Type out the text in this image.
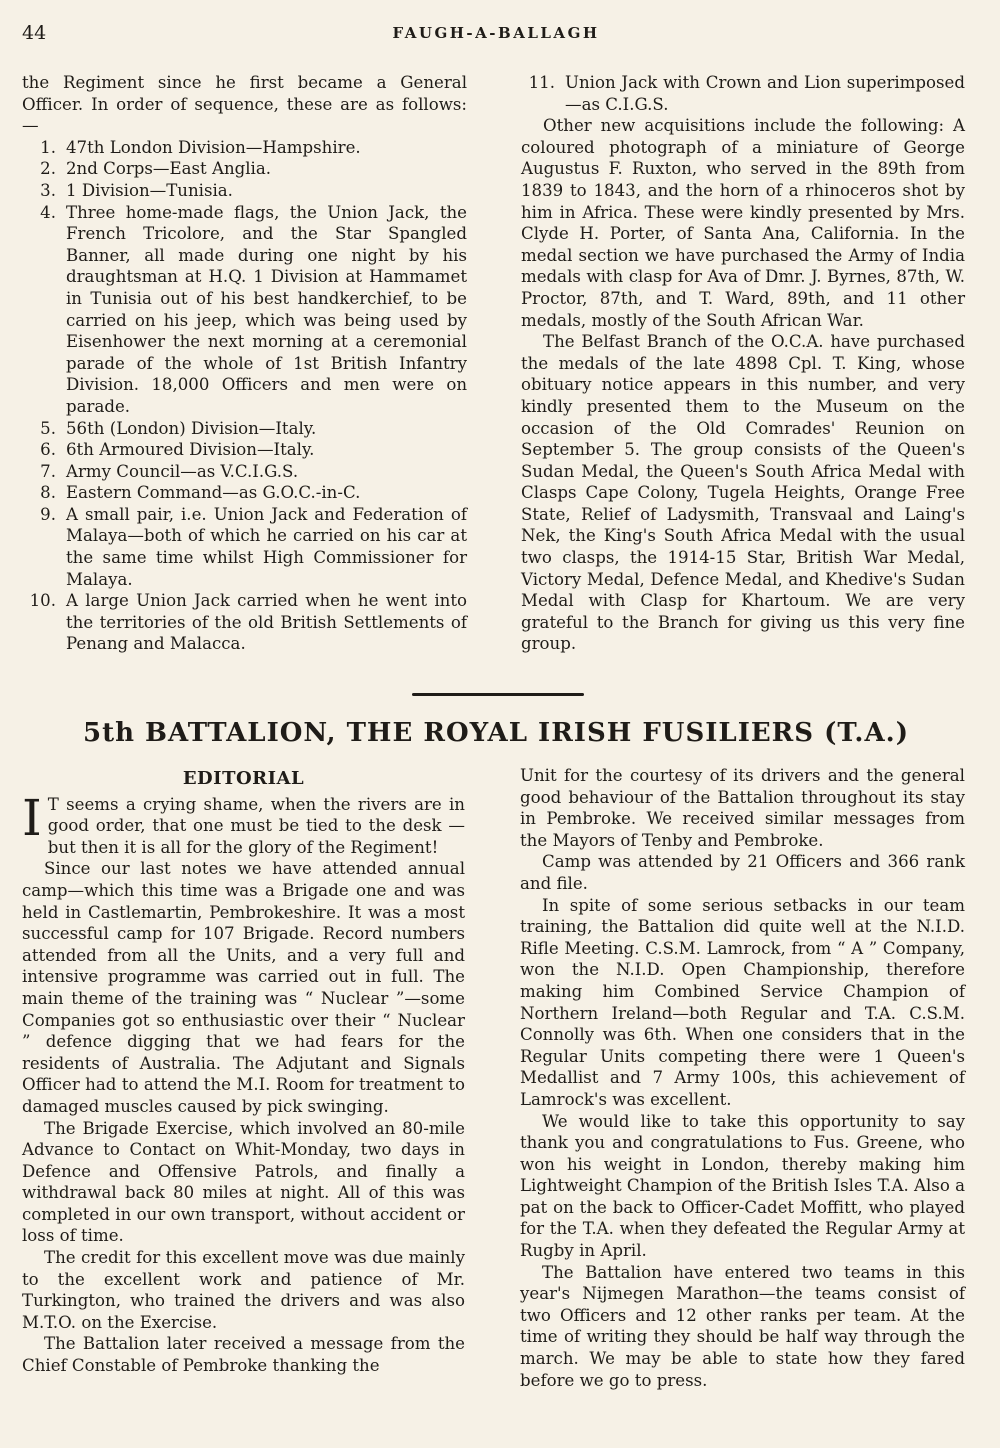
44	FAUGH-A-BALLAGH

the Regiment since he first became a General Officer. In order of sequence, these are as follows: —

1. 47th London Division—Hampshire.
2. 2nd Corps—East Anglia.
3. 1 Division—Tunisia.
4. Three home-made flags, the Union Jack, the French Tricolore, and the Star Spangled Banner, all made during one night by his draughtsman at H.Q. 1 Division at Hammamet in Tunisia out of his best handkerchief, to be carried on his jeep, which was being used by Eisenhower the next morning at a ceremonial parade of the whole of 1st British Infantry Division. 18,000 Officers and men were on parade.
5. 56th (London) Division—Italy.
6. 6th Armoured Division—Italy.
7. Army Council—as V.C.I.G.S.
8. Eastern Command—as G.O.C.-in-C.
9. A small pair, i.e. Union Jack and Federation of Malaya—both of which he carried on his car at the same time whilst High Commissioner for Malaya.
10. A large Union Jack carried when he went into the territories of the old British Settlements of Penang and Malacca.
11. Union Jack with Crown and Lion superimposed—as C.I.G.S.

Other new acquisitions include the following: A coloured photograph of a miniature of George Augustus F. Ruxton, who served in the 89th from 1839 to 1843, and the horn of a rhinoceros shot by him in Africa. These were kindly presented by Mrs. Clyde H. Porter, of Santa Ana, California. In the medal section we have purchased the Army of India medals with clasp for Ava of Dmr. J. Byrnes, 87th, W. Proctor, 87th, and T. Ward, 89th, and 11 other medals, mostly of the South African War.

The Belfast Branch of the O.C.A. have purchased the medals of the late 4898 Cpl. T. King, whose obituary notice appears in this number, and very kindly presented them to the Museum on the occasion of the Old Comrades' Reunion on September 5. The group consists of the Queen's Sudan Medal, the Queen's South Africa Medal with Clasps Cape Colony, Tugela Heights, Orange Free State, Relief of Ladysmith, Transvaal and Laing's Nek, the King's South Africa Medal with the usual two clasps, the 1914-15 Star, British War Medal, Victory Medal, Defence Medal, and Khedive's Sudan Medal with Clasp for Khartoum. We are very grateful to the Branch for giving us this very fine group.

5th BATTALION, THE ROYAL IRISH FUSILIERS (T.A.)
EDITORIAL

I T seems a crying shame, when the rivers are in good order, that one must be tied to the desk —but then it is all for the glory of the Regiment!

Since our last notes we have attended annual camp—which this time was a Brigade one and was held in Castlemartin, Pembrokeshire. It was a most successful camp for 107 Brigade. Record numbers attended from all the Units, and a very full and intensive programme was carried out in full. The main theme of the training was “ Nuclear ”—some Companies got so enthusiastic over their “ Nuclear ” defence digging that we had fears for the residents of Australia. The Adjutant and Signals Officer had to attend the M.I. Room for treatment to damaged muscles caused by pick swinging.

The Brigade Exercise, which involved an 80-mile Advance to Contact on Whit-Monday, two days in Defence and Offensive Patrols, and finally a withdrawal back 80 miles at night. All of this was completed in our own transport, without accident or loss of time.

The credit for this excellent move was due mainly to the excellent work and patience of Mr. Turkington, who trained the drivers and was also M.T.O. on the Exercise.

The Battalion later received a message from the Chief Constable of Pembroke thanking the

Unit for the courtesy of its drivers and the general good behaviour of the Battalion throughout its stay in Pembroke. We received similar messages from the Mayors of Tenby and Pembroke.

Camp was attended by 21 Officers and 366 rank and file.

In spite of some serious setbacks in our team training, the Battalion did quite well at the N.I.D. Rifle Meeting. C.S.M. Lamrock, from “ A ” Company, won the N.I.D. Open Championship, therefore making him Combined Service Champion of Northern Ireland—both Regular and T.A. C.S.M. Connolly was 6th. When one considers that in the Regular Units competing there were 1 Queen's Medallist and 7 Army 100s, this achievement of Lamrock's was excellent.

We would like to take this opportunity to say thank you and congratulations to Fus. Greene, who won his weight in London, thereby making him Lightweight Champion of the British Isles T.A. Also a pat on the back to Officer-Cadet Moffitt, who played for the T.A. when they defeated the Regular Army at Rugby in April.

The Battalion have entered two teams in this year's Nijmegen Marathon—the teams consist of two Officers and 12 other ranks per team. At the time of writing they should be half way through the march. We may be able to state how they fared before we go to press.
